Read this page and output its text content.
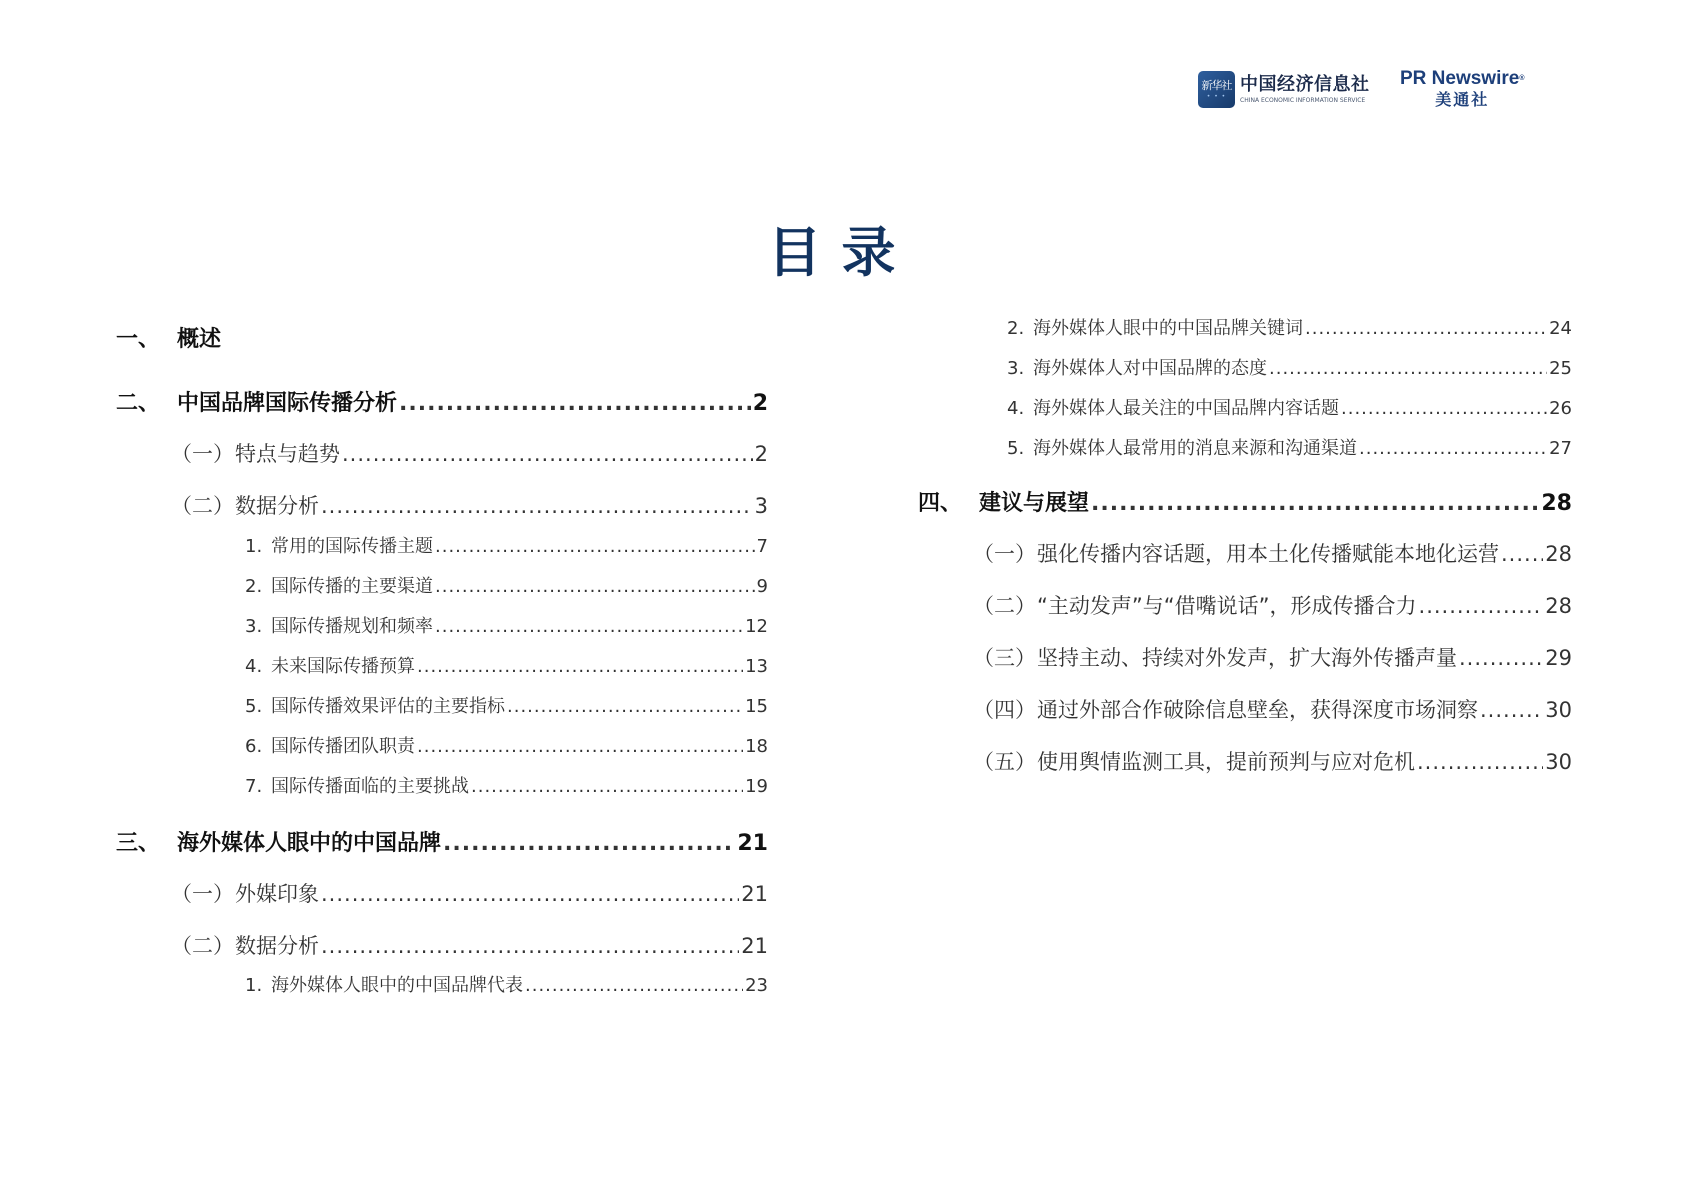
新华社
• • •
中国经济信息社
CHINA ECONOMIC INFORMATION SERVICE
PR Newswire®
美通社
目录
一、 概述
二、 中国品牌国际传播分析 .....	2
（一） 特点与趋势 .....	2
（二） 数据分析 .....	3
1. 常用的国际传播主题 .....	7
2. 国际传播的主要渠道 .....	9
3. 国际传播规划和频率 .....	12
4. 未来国际传播预算 .....	13
5. 国际传播效果评估的主要指标 .....	15
6. 国际传播团队职责 .....	18
7. 国际传播面临的主要挑战 .....	19
三、 海外媒体人眼中的中国品牌 .....	21
（一） 外媒印象 .....	21
（二） 数据分析 .....	21
1. 海外媒体人眼中的中国品牌代表 .....	23
2. 海外媒体人眼中的中国品牌关键词 .....	24
3. 海外媒体人对中国品牌的态度 .....	25
4. 海外媒体人最关注的中国品牌内容话题 .....	26
5. 海外媒体人最常用的消息来源和沟通渠道 .....	27
四、 建议与展望 .....	28
（一） 强化传播内容话题，用本土化传播赋能本地化运营 ..... 28
（二） “主动发声”与“借嘴说话”，形成传播合力 .....	28
（三） 坚持主动、持续对外发声，扩大海外传播声量 .....	29
（四） 通过外部合作破除信息壁垒，获得深度市场洞察 .....	30
（五） 使用舆情监测工具，提前预判与应对危机 .....	30
